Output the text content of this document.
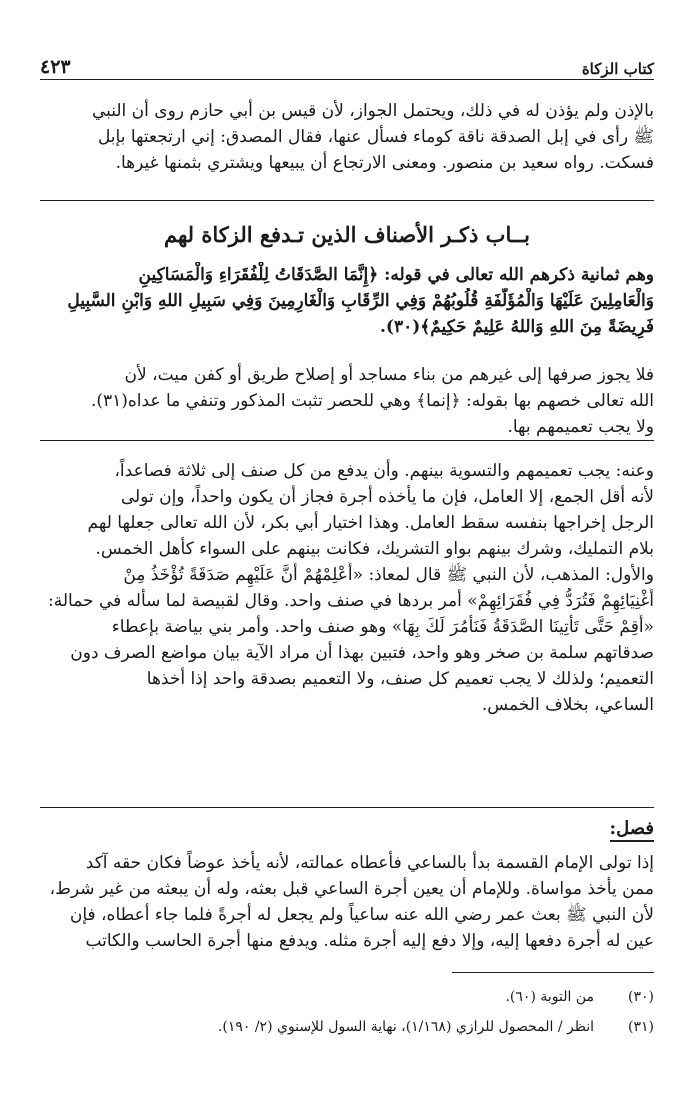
كتاب الزكاة
٤٢٣

بالإذن ولم يؤذن له في ذلك، ويحتمل الجواز، لأن قيس بن أبي حازم روى أن النبي
ﷺ رأى في إبل الصدقة ناقة كوماء فسأل عنها، فقال المصدق: إني ارتجعتها بإبل
فسكت. رواه سعيد بن منصور. ومعنى الارتجاع أن يبيعها ويشتري بثمنها غيرها.

بــاب ذكـر الأصناف الذين تـدفع الزكاة لهم

وهم ثمانية ذكرهم الله تعالى في قوله: ﴿إِنَّمَا الصَّدَقَاتُ لِلْفُقَرَاءِ وَالْمَسَاكِينِ
وَالْعَامِلِينَ عَلَيْهَا وَالْمُؤَلَّفَةِ قُلُوبُهُمْ وَفِي الرِّقَابِ وَالْغَارِمِينَ وَفِي سَبِيلِ اللهِ وَابْنِ السَّبِيلِ
فَرِيضَةً مِنَ اللهِ وَاللهُ عَلِيمٌ حَكِيمٌ﴾(٣٠).

فلا يجوز صرفها إلى غيرهم من بناء مساجد أو إصلاح طريق أو كفن ميت، لأن
الله تعالى خصهم بها بقوله: ﴿إنما﴾ وهي للحصر تثبت المذكور وتنفي ما عداه(٣١).
ولا يجب تعميمهم بها.

وعنه: يجب تعميمهم والتسوية بينهم. وأن يدفع من كل صنف إلى ثلاثة فصاعداً،
لأنه أقل الجمع، إلا العامل، فإن ما يأخذه أجرة فجاز أن يكون واحداً، وإن تولى
الرجل إخراجها بنفسه سقط العامل. وهذا اختيار أبي بكر، لأن الله تعالى جعلها لهم
بلام التمليك، وشرك بينهم بواو التشريك، فكانت بينهم على السواء كأهل الخمس.
والأول: المذهب، لأن النبي ﷺ قال لمعاذ: «أَعْلِمْهُمْ أَنَّ عَلَيْهِم صَدَقَةً تُؤْخَذُ مِنْ
أَغْنِيَائِهِمْ فَتُرَدُّ فِي فُقَرَائِهِمْ» أمر بردها في صنف واحد. وقال لقبيصة لما سأله في حمالة:
«أَقِمْ حَتَّى تَأْتِينَا الصَّدَقَةُ فَنَأْمُرَ لَكَ بِهَا» وهو صنف واحد. وأمر بني بياضة بإعطاء
صدقاتهم سلمة بن صخر وهو واحد، فتبين بهذا أن مراد الآية بيان مواضع الصرف دون
التعميم؛ ولذلك لا يجب تعميم كل صنف، ولا التعميم بصدقة واحد إذا أخذها
الساعي، بخلاف الخمس.

فصل:

إذا تولى الإمام القسمة بدأ بالساعي فأعطاه عمالته، لأنه يأخذ عوضاً فكان حقه آكد
ممن يأخذ مواساة. وللإمام أن يعين أجرة الساعي قبل بعثه، وله أن يبعثه من غير شرط،
لأن النبي ﷺ بعث عمر رضي الله عنه ساعياً ولم يجعل له أجرةً فلما جاء أعطاه، فإن
عين له أجرة دفعها إليه، وإلا دفع إليه أجرة مثله. ويدفع منها أجرة الحاسب والكاتب

(٣٠)
من التوبة (٦٠).
(٣١)
انظر / المحصول للرازي (١/١٦٨)، نهاية السول للإسنوي (٢/ ١٩٠).
